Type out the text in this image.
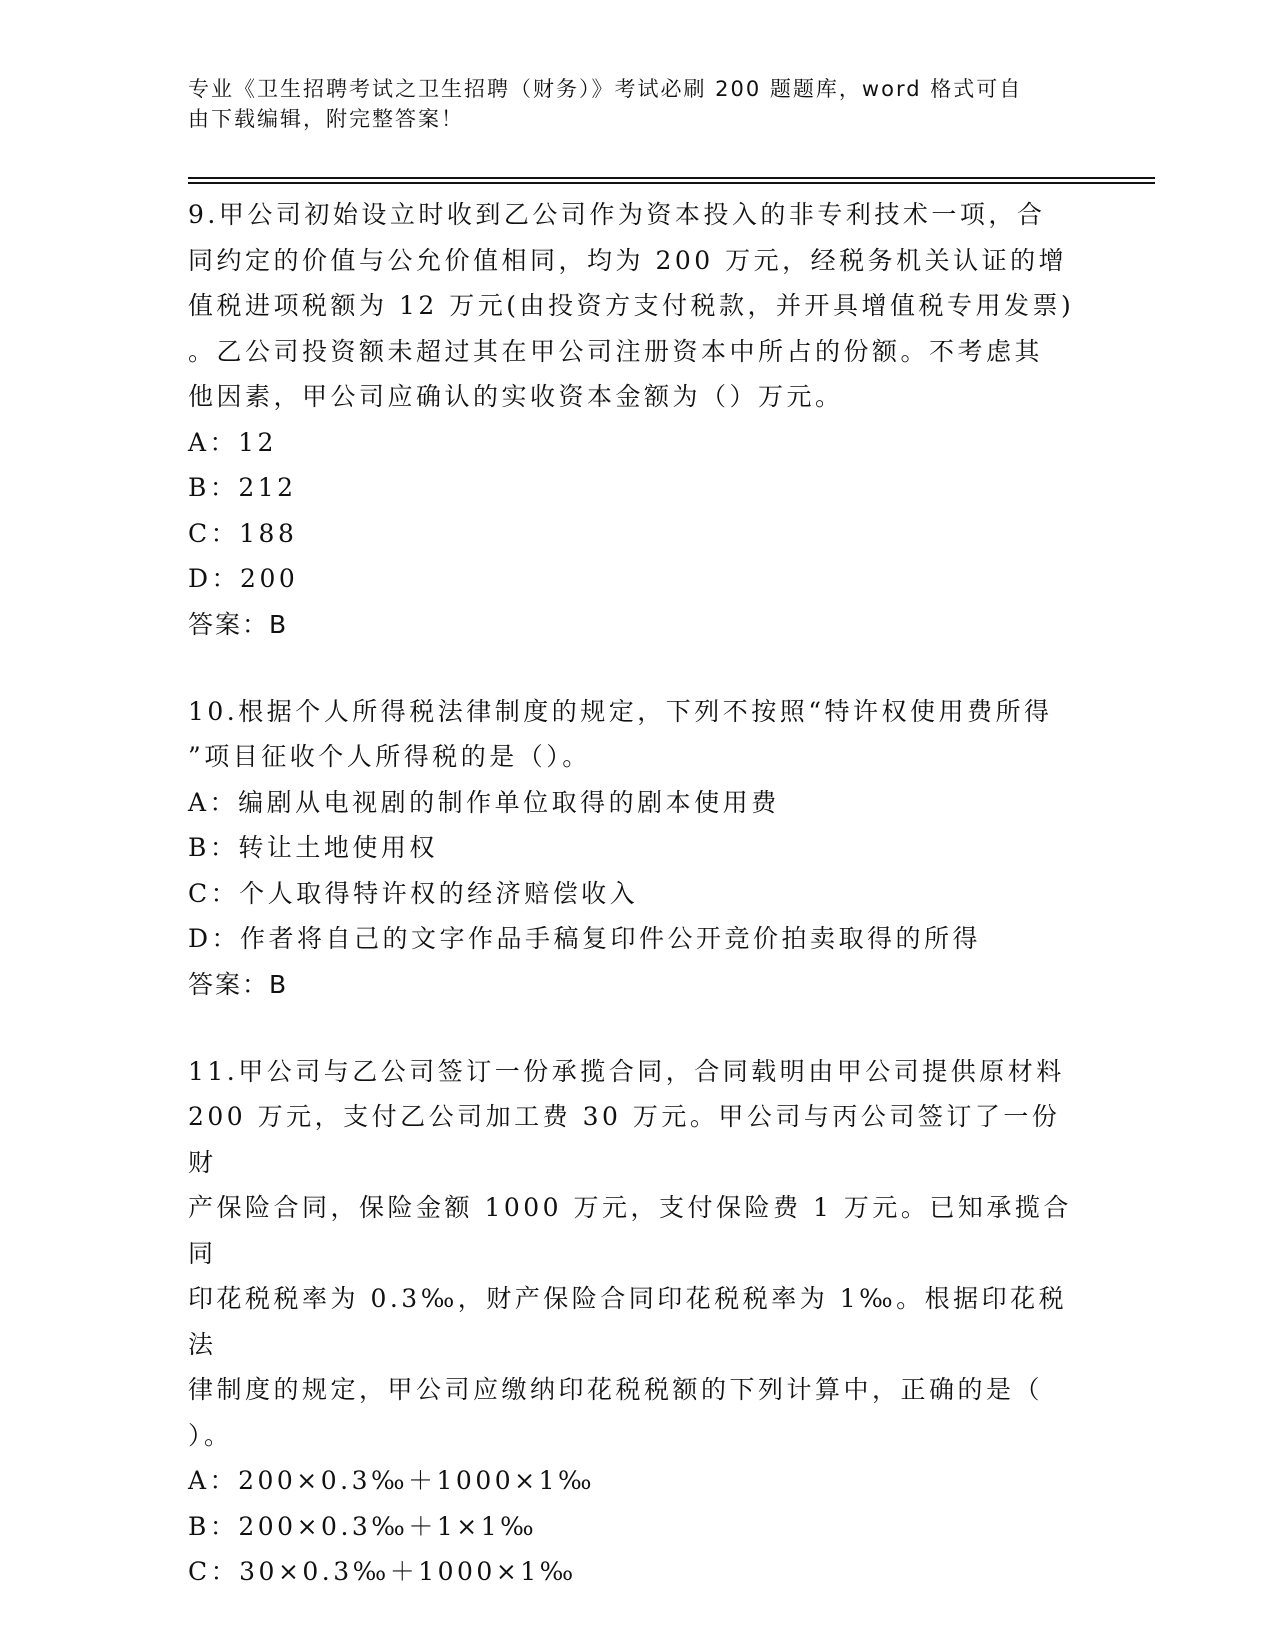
专业《卫生招聘考试之卫生招聘（财务）》考试必刷 200 题题库，word 格式可自
由下载编辑，附完整答案！
9.甲公司初始设立时收到乙公司作为资本投入的非专利技术一项，合
同约定的价值与公允价值相同，均为 200 万元，经税务机关认证的增
值税进项税额为 12 万元(由投资方支付税款，并开具增值税专用发票)
。乙公司投资额未超过其在甲公司注册资本中所占的份额。不考虑其
他因素，甲公司应确认的实收资本金额为（）万元。
A：12
B：212
C：188
D：200
答案：B
10.根据个人所得税法律制度的规定，下列不按照“特许权使用费所得
”项目征收个人所得税的是（）。
A：编剧从电视剧的制作单位取得的剧本使用费
B：转让土地使用权
C：个人取得特许权的经济赔偿收入
D：作者将自己的文字作品手稿复印件公开竞价拍卖取得的所得
答案：B
11.甲公司与乙公司签订一份承揽合同，合同载明由甲公司提供原材料
200 万元，支付乙公司加工费 30 万元。甲公司与丙公司签订了一份财
产保险合同，保险金额 1000 万元，支付保险费 1 万元。已知承揽合同
印花税税率为 0.3‰，财产保险合同印花税税率为 1‰。根据印花税法
律制度的规定，甲公司应缴纳印花税税额的下列计算中，正确的是（
）。
A：200×0.3‰＋1000×1‰
B：200×0.3‰＋1×1‰
C：30×0.3‰＋1000×1‰
